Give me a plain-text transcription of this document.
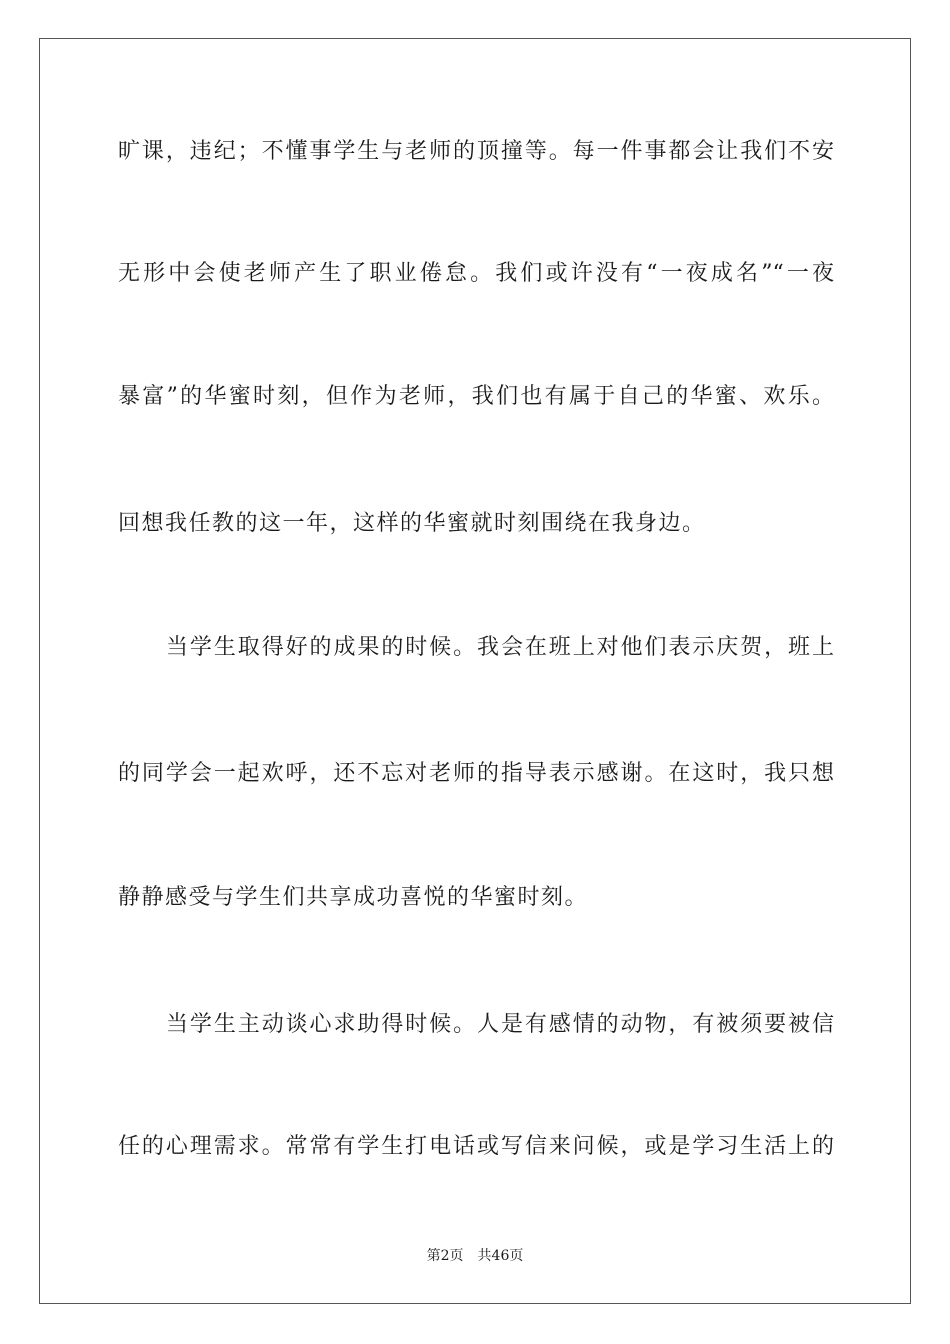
旷课，违纪；不懂事学生与老师的顶撞等。每一件事都会让我们不安
无形中会使老师产生了职业倦怠。我们或许没有“一夜成名”“一夜
暴富”的华蜜时刻，但作为老师，我们也有属于自己的华蜜、欢乐。
回想我任教的这一年，这样的华蜜就时刻围绕在我身边。
当学生取得好的成果的时候。我会在班上对他们表示庆贺，班上
的同学会一起欢呼，还不忘对老师的指导表示感谢。在这时，我只想
静静感受与学生们共享成功喜悦的华蜜时刻。
当学生主动谈心求助得时候。人是有感情的动物，有被须要被信
任的心理需求。常常有学生打电话或写信来问候，或是学习生活上的
第2页 共46页
